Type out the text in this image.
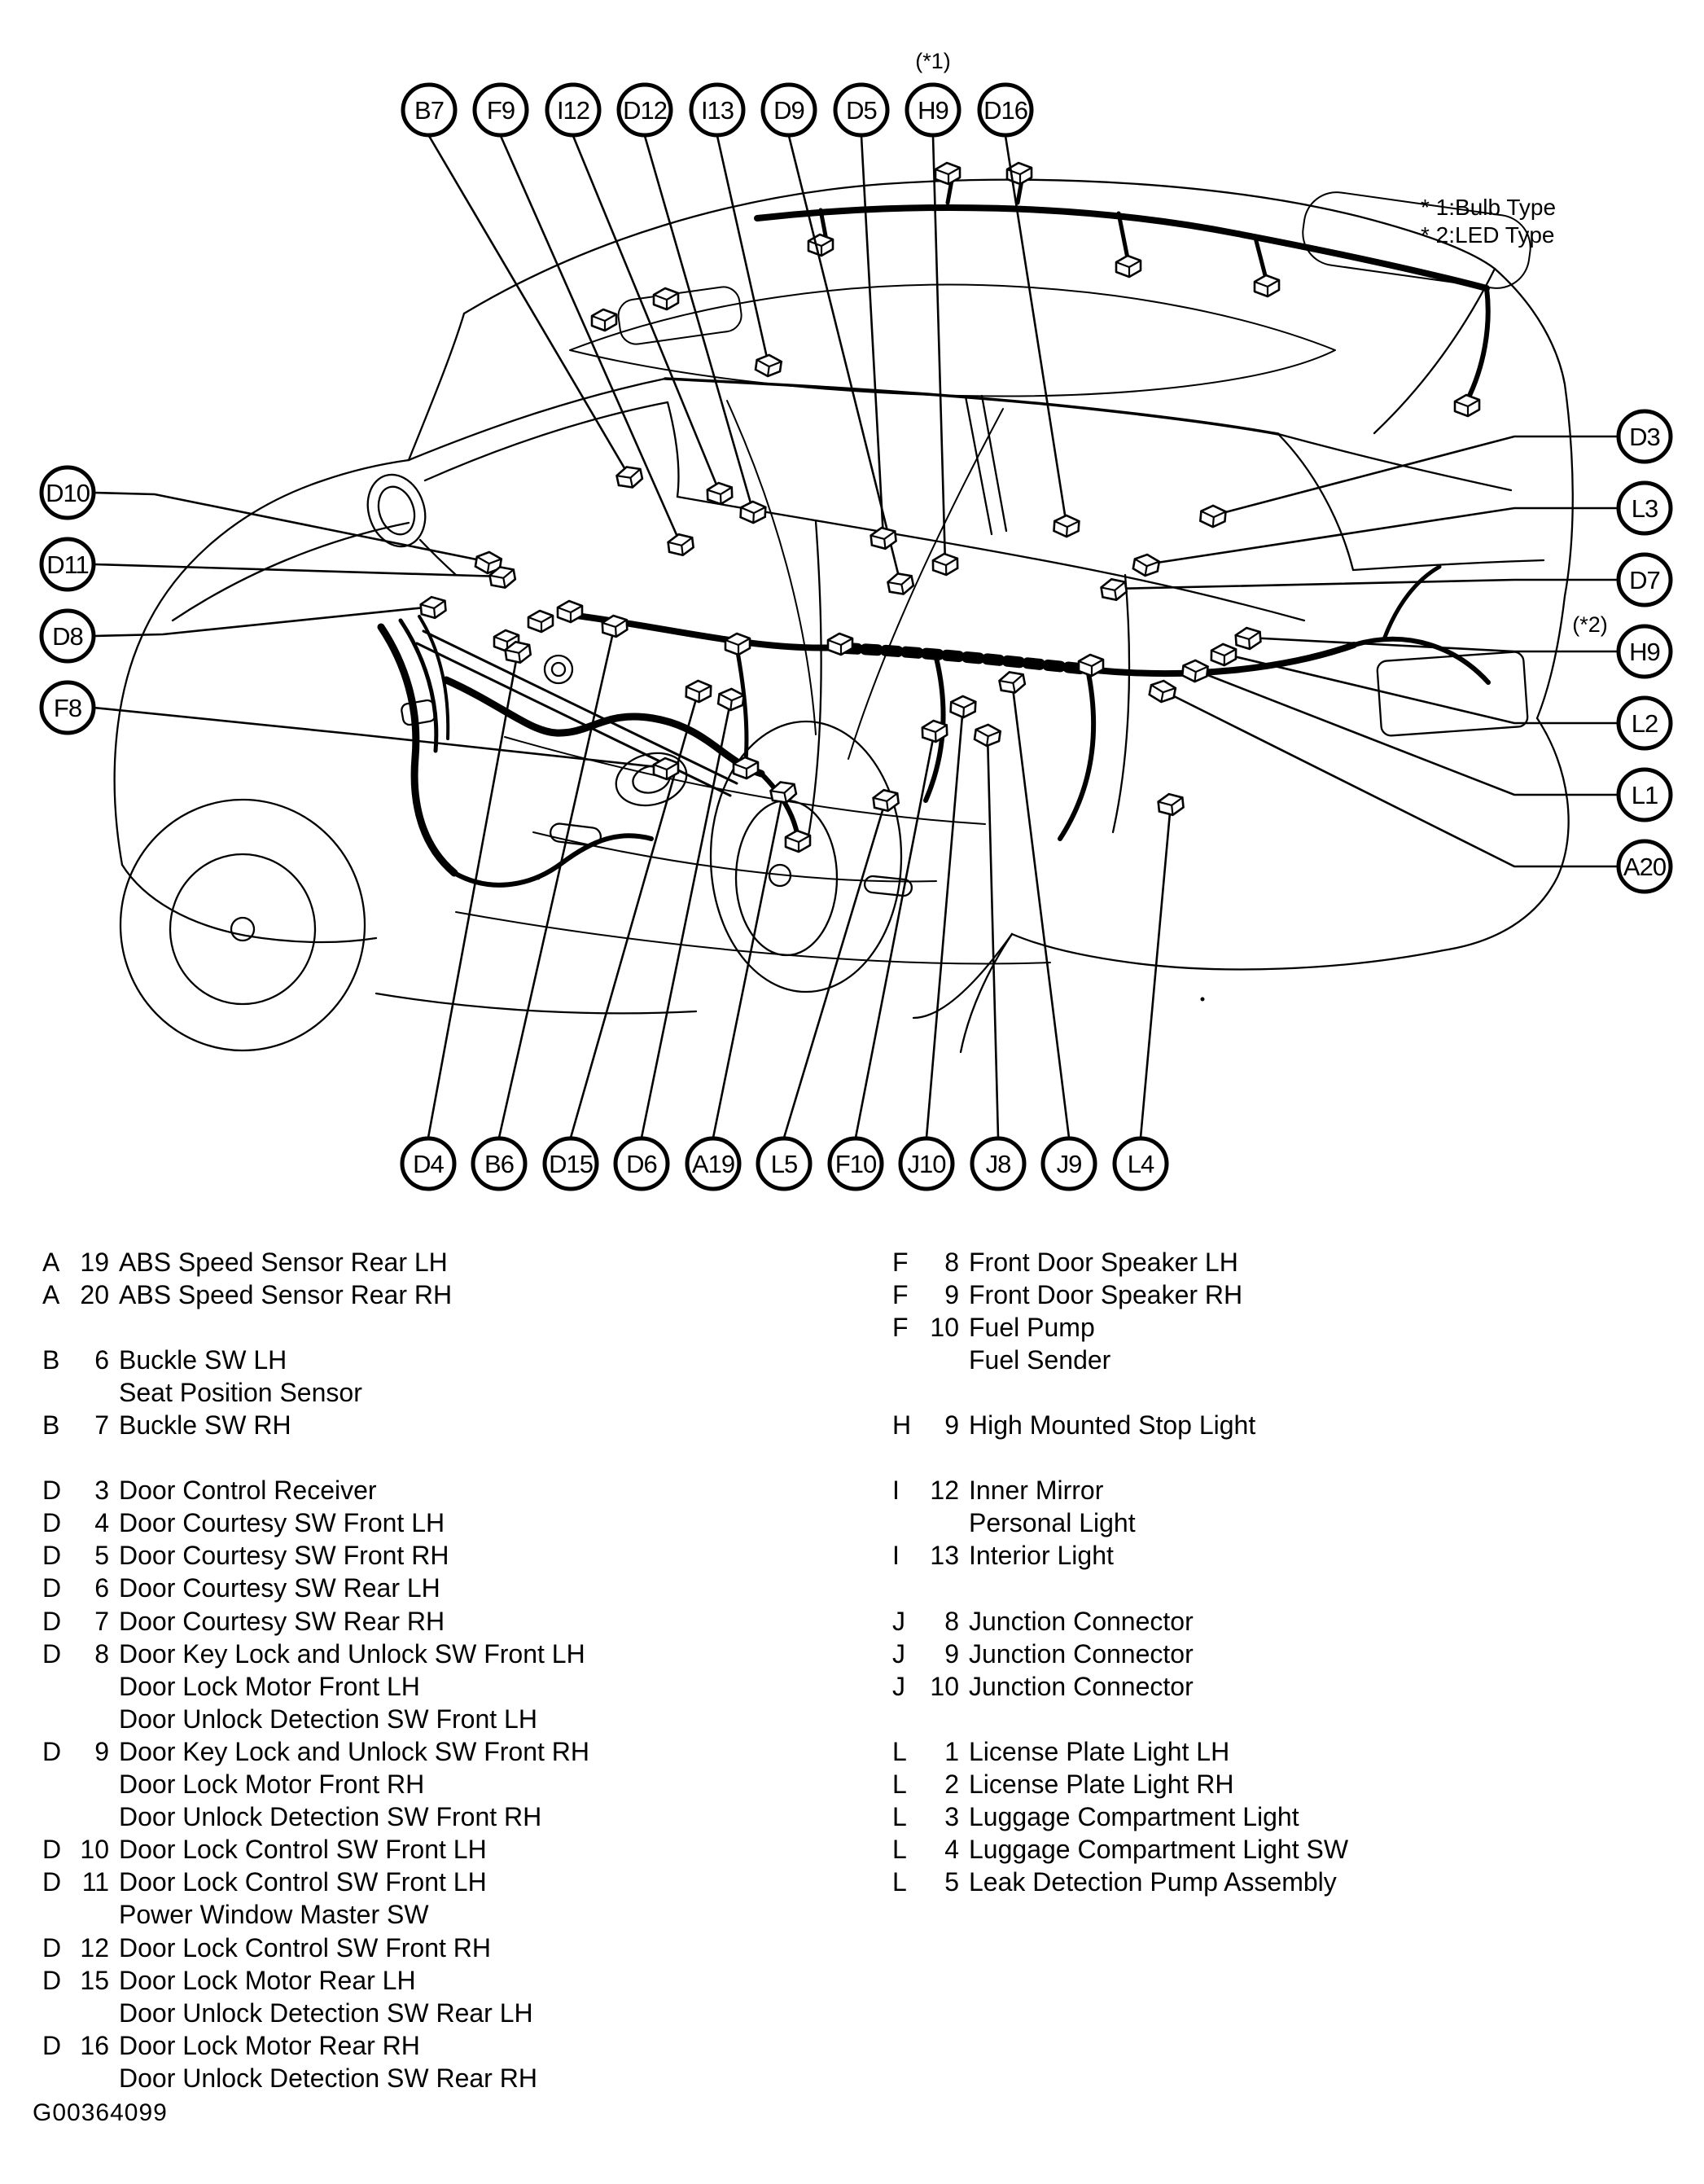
B7 F9 I12 D12 I13 D9 D5 H9
(*1)
D16
D10
D11
D8
F8
D3
L3
D7
H9
(*2)
L2
L1
A20
D4 B6 D15 D6 A19 L5 F10 J10 J8 J9 L4
* 1:Bulb Type
* 2:LED Type
A 19 ABS Speed Sensor Rear LH
A 20 ABS Speed Sensor Rear RH
B	6 Buckle SW LH
Seat Position Sensor
B	7 Buckle SW RH
D	3 Door Control Receiver
D	4 Door Courtesy SW Front LH
D	5 Door Courtesy SW Front RH
D	6 Door Courtesy SW Rear LH
D	7 Door Courtesy SW Rear RH
D	8 Door Key Lock and Unlock SW Front LH
Door Lock Motor Front LH
Door Unlock Detection SW Front LH
D	9 Door Key Lock and Unlock SW Front RH
Door Lock Motor Front RH
Door Unlock Detection SW Front RH
D 10 Door Lock Control SW Front LH
D 11 Door Lock Control SW Front LH
Power Window Master SW
D 12 Door Lock Control SW Front RH
D 15 Door Lock Motor Rear LH
Door Unlock Detection SW Rear LH
D 16 Door Lock Motor Rear RH
Door Unlock Detection SW Rear RH
F	8 Front Door Speaker LH
F	9 Front Door Speaker RH
F 10 Fuel Pump
Fuel Sender
H	9 High Mounted Stop Light
I	12 Inner Mirror
Personal Light
I	13 Interior Light
J	8 Junction Connector
J	9 Junction Connector
J 10 Junction Connector
L	1 License Plate Light LH
L	2 License Plate Light RH
L	3 Luggage Compartment Light
L	4 Luggage Compartment Light SW
L	5 Leak Detection Pump Assembly
G00364099
